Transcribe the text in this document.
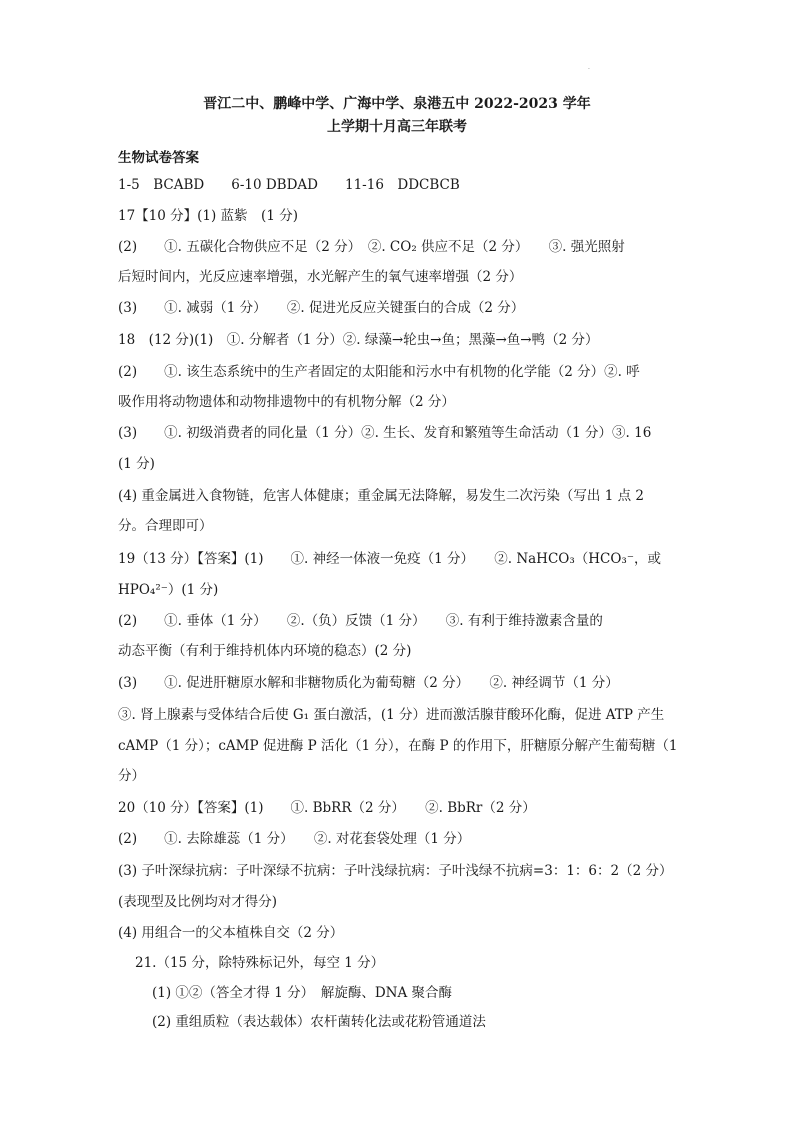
·
晋江二中、鹏峰中学、广海中学、泉港五中 2022-2023 学年
上学期十月高三年联考
生物试卷答案
1-5　BCABD　　6-10 DBDAD　　11-16　DDCBCB
17【10 分】(1) 蓝紫　(1 分)
(2)　　①. 五碳化合物供应不足（2 分）　②. CO₂ 供应不足（2 分）　　③. 强光照射
后短时间内，光反应速率增强，水光解产生的氧气速率增强（2 分）
(3)　　①. 减弱（1 分）　　②. 促进光反应关键蛋白的合成（2 分）
18　(12 分)(1)　①. 分解者（1 分）②. 绿藻→轮虫→鱼；黑藻→鱼→鸭（2 分）
(2)　　①. 该生态系统中的生产者固定的太阳能和污水中有机物的化学能（2 分）②. 呼
吸作用将动物遗体和动物排遗物中的有机物分解（2 分）
(3)　　①. 初级消费者的同化量（1 分）②. 生长、发育和繁殖等生命活动（1 分）③. 16
(1 分)
(4) 重金属进入食物链，危害人体健康；重金属无法降解，易发生二次污染（写出 1 点 2
分。合理即可）
19（13 分）【答案】(1)　　①. 神经一体液一免疫（1 分）　　②. NaHCO₃（HCO₃⁻，或
HPO₄²⁻）(1 分)
(2)　　①. 垂体（1 分）　　②.（负）反馈（1 分）　　③. 有利于维持激素含量的
动态平衡（有利于维持机体内环境的稳态）(2 分)
(3)　　①. 促进肝糖原水解和非糖物质化为葡萄糖（2 分）　　②. 神经调节（1 分）
③. 肾上腺素与受体结合后使 G₁ 蛋白激活，(1 分）进而激活腺苷酸环化酶，促进 ATP 产生
cAMP（1 分）；cAMP 促进酶 P 活化（1 分），在酶 P 的作用下，肝糖原分解产生葡萄糖（1
分）
20（10 分）【答案】(1)　　①. BbRR（2 分）　　②. BbRr（2 分）
(2)　　①. 去除雄蕊（1 分）　　②. 对花套袋处理（1 分）
(3) 子叶深绿抗病：子叶深绿不抗病：子叶浅绿抗病：子叶浅绿不抗病=3：1：6：2（2 分）
(表现型及比例均对才得分)
(4) 用组合一的父本植株自交（2 分）
21.（15 分，除特殊标记外，每空 1 分）
(1) ①②（答全才得 1 分）　解旋酶、DNA 聚合酶
(2) 重组质粒（表达载体）农杆菌转化法或花粉管通道法
